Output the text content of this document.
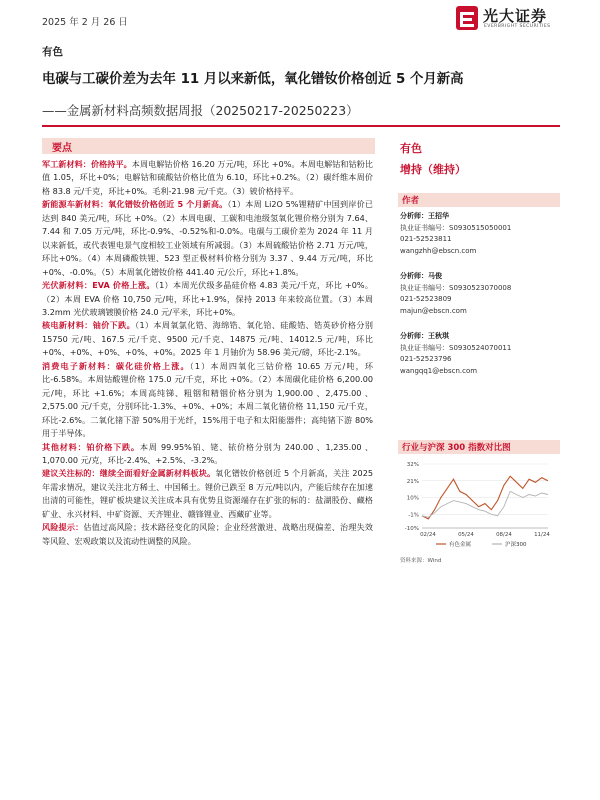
2025 年 2 月 26 日	光大证券
EVERBRIGHT SECURITIES
有色
电碳与工碳价差为去年 11 月以来新低，氧化镨钕价格创近 5 个月新高
——金属新材料高频数据周报（20250217-20250223）
要点

军工新材料：价格持平。本周电解钴价格 16.20 万元/吨，环比 +0%。本周电解钴和钴粉比值 1.05，环比+0%；电解钴和硫酸钴价格比值为 6.10，环比+0.2%。（2）碳纤维本周价格 83.8 元/千克，环比+0%。毛利-21.98 元/千克。（3）铍价格持平。

新能源车新材料：氧化镨钕价格创近 5 个月新高。（1）本周 Li2O 5%锂精矿中国到岸价已达到 840 美元/吨，环比 +0%。（2）本周电碳、工碳和电池级氢氧化锂价格分别为 7.64、7.44 和 7.05 万元/吨，环比-0.9%、-0.52%和-0.0%。电碳与工碳价差为 2024 年 11 月以来新低，或代表锂电景气度相较工业领域有所减弱。（3）本周硫酸钴价格 2.71 万元/吨，环比+0%。（4）本周磷酸铁锂、523 型正极材料价格分别为 3.37 、9.44 万元/吨，环比+0%、-0.0%。（5）本周氧化镨钕价格 441.40 元/公斤，环比+1.8%。

光伏新材料：EVA 价格上涨。（1）本周光伏级多晶硅价格 4.83 美元/千克，环比 +0%。（2）本周 EVA 价格 10,750 元/吨，环比+1.9%，保持 2013 年来较高位置。（3）本周 3.2mm 光伏玻璃镀膜价格 24.0 元/平米，环比+0%。

核电新材料：铀价下跌。（1）本周氧氯化锆、海绵锆、氧化铪、硅酸锆、锆英砂价格分别 15750 元/吨、167.5 元/千克、9500 元/千克、14875 元/吨、14012.5 元/吨，环比+0%、+0%、+0%、+0%、+0%。2025 年 1 月铀价为 58.96 美元/磅，环比-2.1%。

消费电子新材料：碳化硅价格上涨。（1）本周四氧化三钴价格 10.65 万元/吨，环比-6.58%。本周钴酸锂价格 175.0 元/千克，环比 +0%。（2）本周碳化硅价格 6,200.00 元/吨，环比 +1.6%；本周高纯锑、粗铟和精铟价格分别为 1,900.00 、2,475.00 、2,575.00 元/千克，分别环比-1.3%、+0%、+0%；本周二氧化锗价格 11,150 元/千克，环比-2.6%。二氧化锗下游 50%用于光纤，15%用于电子和太阳能器件；高纯锗下游 80%用于半导体。

其他材料：铂价格下跌。本周 99.95%铂、铑、铱价格分别为 240.00 、1,235.00 、1,070.00 元/克，环比-2.4%、+2.5%、-3.2%。

建议关注标的：继续全面看好金属新材料板块。氧化镨钕价格创近 5 个月新高，关注 2025 年需求情况，建议关注北方稀土、中国稀土。锂价已跌至 8 万元/吨以内，产能后续存在加速出清的可能性，锂矿板块建议关注成本具有优势且资源端存在扩张的标的：盐湖股份、藏格矿业、永兴材料、中矿资源、天齐锂业、赣锋锂业、西藏矿业等。

风险提示：估值过高风险；技术路径变化的风险；企业经营激进、战略出现偏差、治理失效等风险、宏观政策以及流动性调整的风险。

有色
增持（维持）
作者
分析师：王招华
执业证书编号：S0930515050001
021-52523811
wangzhh@ebscn.com
分析师：马俊
执业证书编号：S0930523070008
021-52523809
majun@ebscn.com
分析师：王秋琪
执业证书编号：S0930524070011
021-52523796
wangqq1@ebscn.com
行业与沪深 300 指数对比图
32%
21%
10%
-1%
-10%
02/24	05/24	08/24	11/24
有色金属	沪深300
资料来源：Wind
